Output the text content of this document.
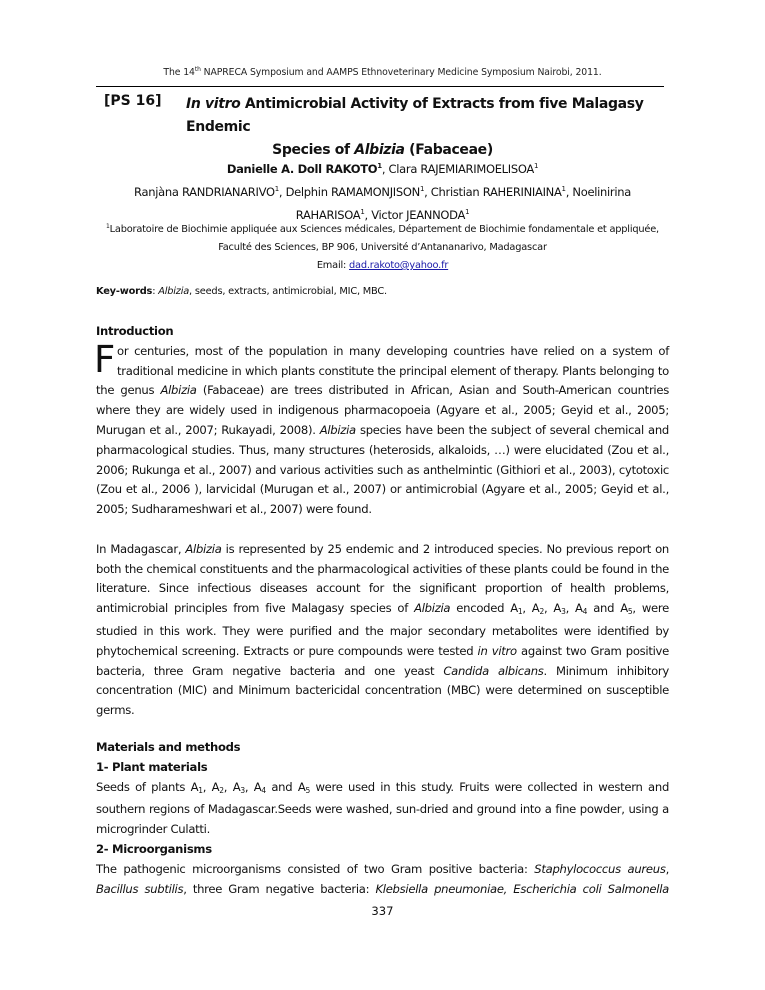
The 14th NAPRECA Symposium and AAMPS Ethnoveterinary Medicine Symposium Nairobi, 2011.
[PS 16]	In vitro Antimicrobial Activity of Extracts from five Malagasy Endemic
Species of Albizia (Fabaceae)
Danielle A. Doll RAKOTO$^1$, Clara RAJEMIARIMOELISOA$^1$
Ranjàna RANDRIANARIVO$^1$, Delphin RAMAMONJISON$^1$, Christian RAHERINIAINA$^1$, Noelinirina
RAHARISOA$^1$, Victor JEANNODA$^1$
$^1$Laboratoire de Biochimie appliquée aux Sciences médicales, Département de Biochimie fondamentale et appliquée,
Faculté des Sciences, BP 906, Université d’Antananarivo, Madagascar
Email: dad.rakoto@yahoo.fr
Key-words: Albizia, seeds, extracts, antimicrobial, MIC, MBC.
Introduction

For centuries, most of the population in many developing countries have relied on a system of traditional medicine in which plants constitute the principal element of therapy. Plants belonging to the genus Albizia (Fabaceae) are trees distributed in African, Asian and South-American countries where they are widely used in indigenous pharmacopoeia (Agyare et al., 2005; Geyid et al., 2005; Murugan et al., 2007; Rukayadi, 2008). Albizia species have been the subject of several chemical and pharmacological studies. Thus, many structures (heterosids, alkaloids, …) were elucidated (Zou et al., 2006; Rukunga et al., 2007) and various activities such as anthelmintic (Githiori et al., 2003), cytotoxic (Zou et al., 2006 ), larvicidal (Murugan et al., 2007) or antimicrobial (Agyare et al., 2005; Geyid et al., 2005; Sudharameshwari et al., 2007) were found.

In Madagascar, Albizia is represented by 25 endemic and 2 introduced species. No previous report on both the chemical constituents and the pharmacological activities of these plants could be found in the literature. Since infectious diseases account for the significant proportion of health problems, antimicrobial principles from five Malagasy species of Albizia encoded $A_1$, $A_2$, $A_3$, $A_4$ and $A_5$, were studied in this work. They were purified and the major secondary metabolites were identified by phytochemical screening. Extracts or pure compounds were tested in vitro against two Gram positive bacteria, three Gram negative bacteria and one yeast Candida albicans. Minimum inhibitory concentration (MIC) and Minimum bactericidal concentration (MBC) were determined on susceptible germs.

Materials and methods
1- Plant materials

Seeds of plants $A_1$, $A_2$, $A_3$, $A_4$ and $A_5$ were used in this study. Fruits were collected in western and southern regions of Madagascar.Seeds were washed, sun-dried and ground into a fine powder, using a microgrinder Culatti.

2- Microorganisms

The pathogenic microorganisms consisted of two Gram positive bacteria: Staphylococcus aureus, Bacillus subtilis, three Gram negative bacteria: Klebsiella pneumoniae, Escherichia coli Salmonella

337
